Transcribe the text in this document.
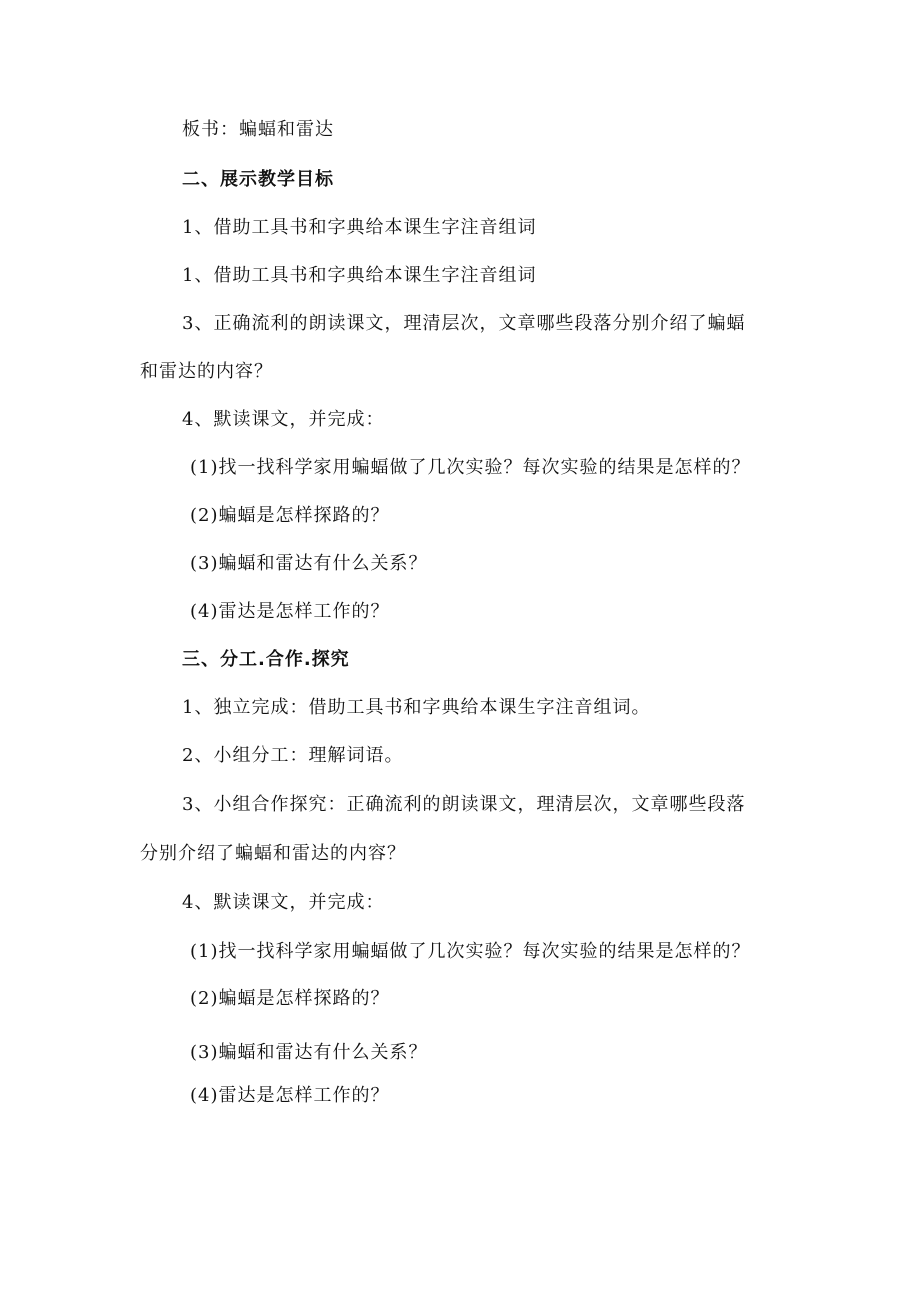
板书：蝙蝠和雷达

二、展示教学目标

1、借助工具书和字典给本课生字注音组词

1、借助工具书和字典给本课生字注音组词

3、正确流利的朗读课文，理清层次，文章哪些段落分别介绍了蝙蝠

和雷达的内容？

4、默读课文，并完成：

(1)找一找科学家用蝙蝠做了几次实验？每次实验的结果是怎样的？

(2)蝙蝠是怎样探路的？

(3)蝙蝠和雷达有什么关系？

(4)雷达是怎样工作的？

三、分工.合作.探究

1、独立完成：借助工具书和字典给本课生字注音组词。

2、小组分工：理解词语。

3、小组合作探究：正确流利的朗读课文，理清层次，文章哪些段落

分别介绍了蝙蝠和雷达的内容？

4、默读课文，并完成：

(1)找一找科学家用蝙蝠做了几次实验？每次实验的结果是怎样的？

(2)蝙蝠是怎样探路的？

(3)蝙蝠和雷达有什么关系？

(4)雷达是怎样工作的？
